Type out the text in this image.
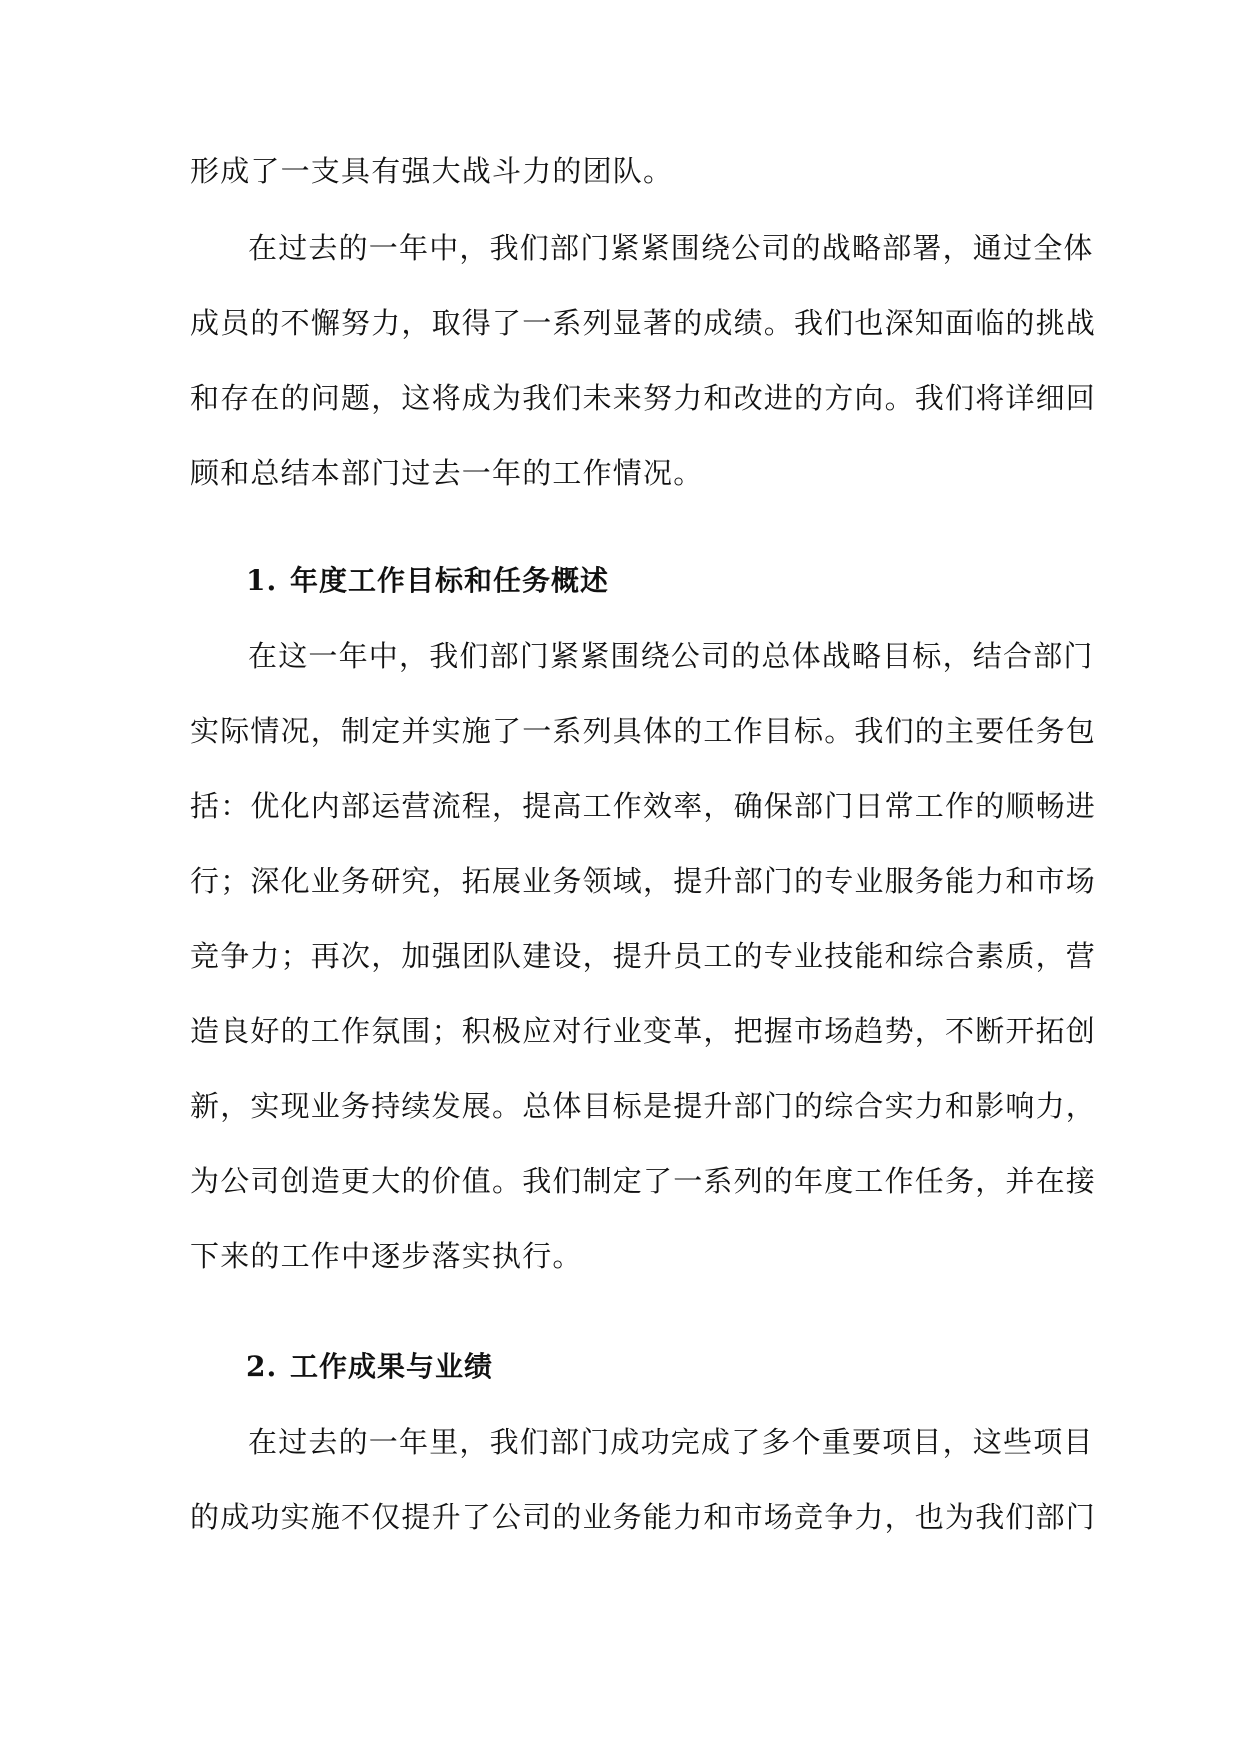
形成了一支具有强大战斗力的团队。
在过去的一年中，我们部门紧紧围绕公司的战略部署，通过全体
成员的不懈努力，取得了一系列显著的成绩。我们也深知面临的挑战
和存在的问题，这将成为我们未来努力和改进的方向。我们将详细回
顾和总结本部门过去一年的工作情况。
1. 年度工作目标和任务概述
在这一年中，我们部门紧紧围绕公司的总体战略目标，结合部门
实际情况，制定并实施了一系列具体的工作目标。我们的主要任务包
括：优化内部运营流程，提高工作效率，确保部门日常工作的顺畅进
行；深化业务研究，拓展业务领域，提升部门的专业服务能力和市场
竞争力；再次，加强团队建设，提升员工的专业技能和综合素质，营
造良好的工作氛围；积极应对行业变革，把握市场趋势，不断开拓创
新，实现业务持续发展。总体目标是提升部门的综合实力和影响力，
为公司创造更大的价值。我们制定了一系列的年度工作任务，并在接
下来的工作中逐步落实执行。
2. 工作成果与业绩
在过去的一年里，我们部门成功完成了多个重要项目，这些项目
的成功实施不仅提升了公司的业务能力和市场竞争力，也为我们部门
